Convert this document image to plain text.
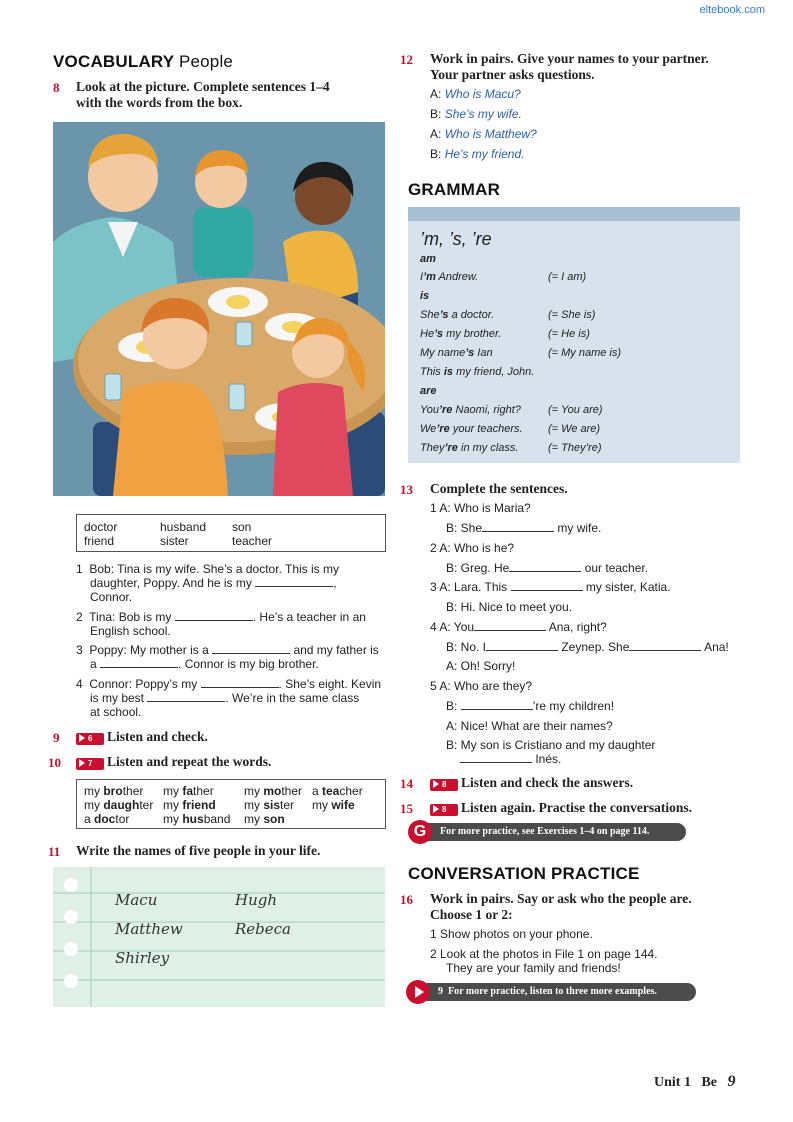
eltebook.com
VOCABULARY People
8 Look at the picture. Complete sentences 1–4
with the words from the box.
doctor	husband son
friend	sister	teacher
1 Bob: Tina is my wife. She’s a doctor. This is my
daughter, Poppy. And he is my	,
Connor.
2 Tina: Bob is my	. He’s a teacher in an
English school.
3 Poppy: My mother is a	and my father is
a	. Connor is my big brother.
4 Connor: Poppy’s my	. She’s eight. Kevin
is my best	. We’re in the same class
at school.
9	6	Listen and check.
10	7	Listen and repeat the words.
my brother my father	my mother a teacher
my daughter my friend my sister my wife
a doctor	my husband my son
11 Write the names of five people in your life.
Macu	Hugh
Matthew	Rebeca
Shirley
12 Work in pairs. Give your names to your partner.
Your partner asks questions.
A: Who is Macu?
B: She’s my wife.
A: Who is Matthew?
B: He’s my friend.
GRAMMAR
’m, ’s, ’re
am
I’m Andrew.	(= I am)
is
She’s a doctor.	(= She is)
He’s my brother.	(= He is)
My name’s Ian	(= My name is)
This is my friend, John.
are
You’re Naomi, right? (= You are)
We’re your teachers. (= We are)
They’re in my class.	(= They’re)
13 Complete the sentences.
1 A: Who is Maria?
B: She	my wife.
2 A: Who is he?
B: Greg. He	our teacher.
3 A: Lara. This	my sister, Katia.
B: Hi. Nice to meet you.
4 A: You	Ana, right?
B: No. I	Zeynep. She	Ana!
A: Oh! Sorry!
5 A: Who are they?
B:	’re my children!
A: Nice! What are their names?
B: My son is Cristiano and my daughter
Inés.
14	8	Listen and check the answers.
15	8	Listen again. Practise the conversations.
For more practice, see Exercises 1–4 on page 114.
G
CONVERSATION PRACTICE
16 Work in pairs. Say or ask who the people are.
Choose 1 or 2:
1 Show photos on your phone.
2 Look at the photos in File 1 on page 144.
They are your family and friends!
9 For more practice, listen to three more examples.
Unit 1 Be 9
